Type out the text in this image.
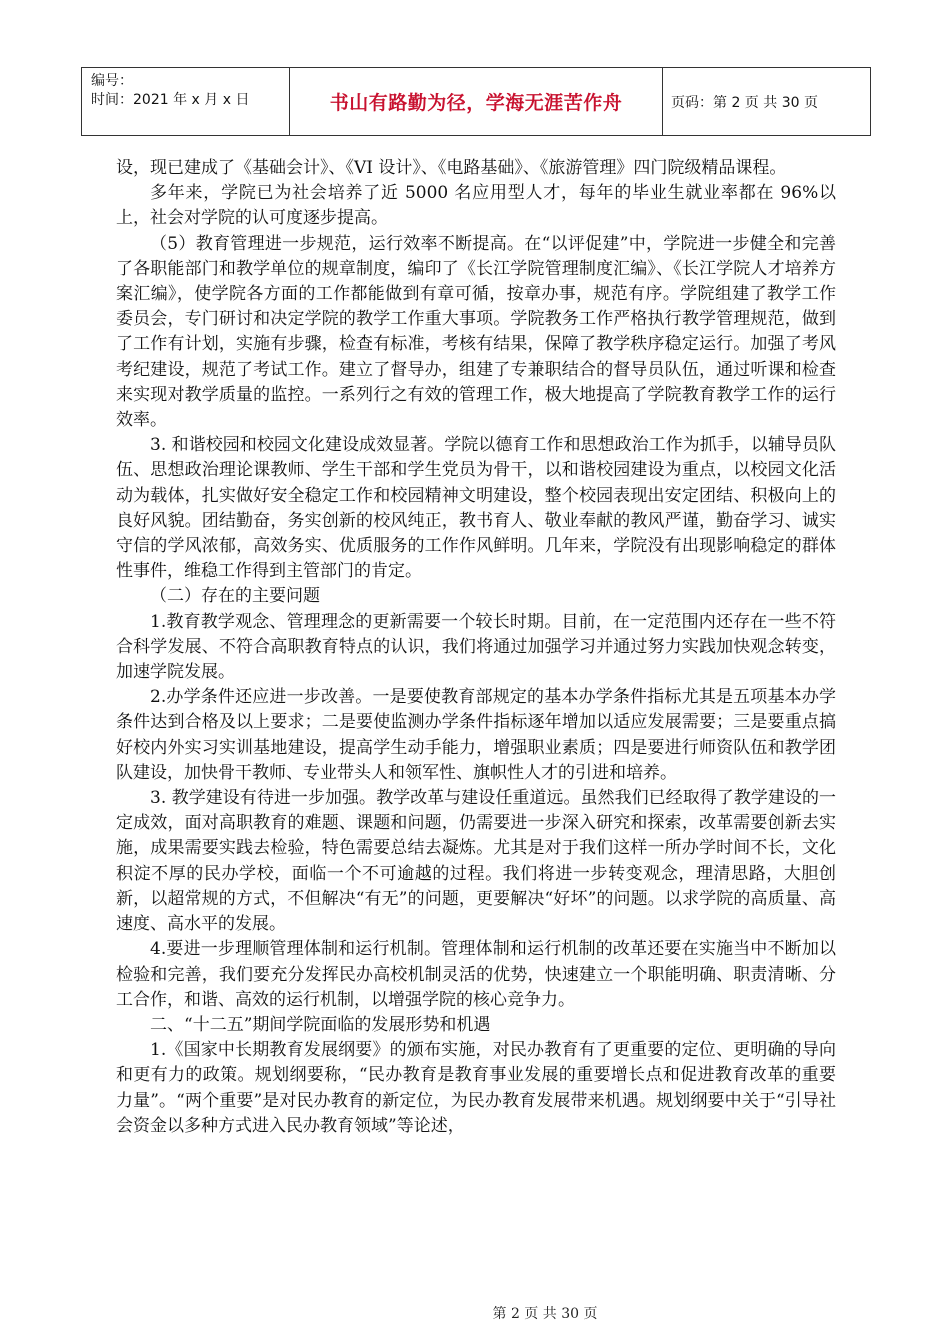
编号：
时间：2021 年 x 月 x 日	书山有路勤为径，学海无涯苦作舟	页码：第 2 页 共 30 页

设，现已建成了《基础会计》、《VI 设计》、《电路基础》、《旅游管理》四门院级精品课程。

多年来，学院已为社会培养了近 5000 名应用型人才，每年的毕业生就业率都在 96%以上，社会对学院的认可度逐步提高。

（5）教育管理进一步规范，运行效率不断提高。在“以评促建”中，学院进一步健全和完善了各职能部门和教学单位的规章制度，编印了《长江学院管理制度汇编》、《长江学院人才培养方案汇编》，使学院各方面的工作都能做到有章可循，按章办事，规范有序。学院组建了教学工作委员会，专门研讨和决定学院的教学工作重大事项。学院教务工作严格执行教学管理规范，做到了工作有计划，实施有步骤，检查有标准，考核有结果，保障了教学秩序稳定运行。加强了考风考纪建设，规范了考试工作。建立了督导办，组建了专兼职结合的督导员队伍，通过听课和检查来实现对教学质量的监控。一系列行之有效的管理工作，极大地提高了学院教育教学工作的运行效率。

3. 和谐校园和校园文化建设成效显著。学院以德育工作和思想政治工作为抓手，以辅导员队伍、思想政治理论课教师、学生干部和学生党员为骨干，以和谐校园建设为重点，以校园文化活动为载体，扎实做好安全稳定工作和校园精神文明建设，整个校园表现出安定团结、积极向上的良好风貌。团结勤奋，务实创新的校风纯正，教书育人、敬业奉献的教风严谨，勤奋学习、诚实守信的学风浓郁，高效务实、优质服务的工作作风鲜明。几年来，学院没有出现影响稳定的群体性事件，维稳工作得到主管部门的肯定。

（二）存在的主要问题

1.教育教学观念、管理理念的更新需要一个较长时期。目前，在一定范围内还存在一些不符合科学发展、不符合高职教育特点的认识，我们将通过加强学习并通过努力实践加快观念转变，加速学院发展。

2.办学条件还应进一步改善。一是要使教育部规定的基本办学条件指标尤其是五项基本办学条件达到合格及以上要求；二是要使监测办学条件指标逐年增加以适应发展需要；三是要重点搞好校内外实习实训基地建设，提高学生动手能力，增强职业素质；四是要进行师资队伍和教学团队建设，加快骨干教师、专业带头人和领军性、旗帜性人才的引进和培养。

3. 教学建设有待进一步加强。教学改革与建设任重道远。虽然我们已经取得了教学建设的一定成效，面对高职教育的难题、课题和问题，仍需要进一步深入研究和探索，改革需要创新去实施，成果需要实践去检验，特色需要总结去凝炼。尤其是对于我们这样一所办学时间不长，文化积淀不厚的民办学校，面临一个不可逾越的过程。我们将进一步转变观念，理清思路，大胆创新，以超常规的方式，不但解决“有无”的问题，更要解决“好坏”的问题。以求学院的高质量、高速度、高水平的发展。

4.要进一步理顺管理体制和运行机制。管理体制和运行机制的改革还要在实施当中不断加以检验和完善，我们要充分发挥民办高校机制灵活的优势，快速建立一个职能明确、职责清晰、分工合作，和谐、高效的运行机制，以增强学院的核心竞争力。

二、“十二五”期间学院面临的发展形势和机遇

1.《国家中长期教育发展纲要》的颁布实施，对民办教育有了更重要的定位、更明确的导向和更有力的政策。规划纲要称，“民办教育是教育事业发展的重要增长点和促进教育改革的重要力量”。“两个重要”是对民办教育的新定位，为民办教育发展带来机遇。规划纲要中关于“引导社会资金以多种方式进入民办教育领域”等论述，

第 2 页 共 30 页
